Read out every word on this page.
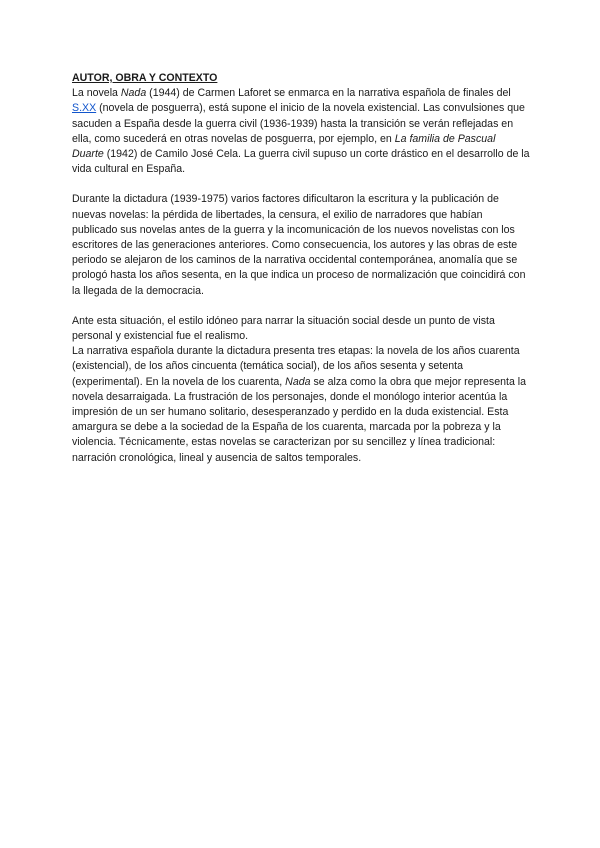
AUTOR, OBRA Y CONTEXTO

La novela Nada (1944) de Carmen Laforet se enmarca en la narrativa española de finales del S.XX (novela de posguerra), está supone el inicio de la novela existencial. Las convulsiones que sacuden a España desde la guerra civil (1936-1939) hasta la transición se verán reflejadas en ella, como sucederá en otras novelas de posguerra, por ejemplo, en La familia de Pascual Duarte (1942) de Camilo José Cela. La guerra civil supuso un corte drástico en el desarrollo de la vida cultural en España.

Durante la dictadura (1939-1975) varios factores dificultaron la escritura y la publicación de nuevas novelas: la pérdida de libertades, la censura, el exilio de narradores que habían publicado sus novelas antes de la guerra y la incomunicación de los nuevos novelistas con los escritores de las generaciones anteriores. Como consecuencia, los autores y las obras de este periodo se alejaron de los caminos de la narrativa occidental contemporánea, anomalía que se prologó hasta los años sesenta, en la que indica un proceso de normalización que coincidirá con la llegada de la democracia.

Ante esta situación, el estilo idóneo para narrar la situación social desde un punto de vista personal y existencial fue el realismo.

La narrativa española durante la dictadura presenta tres etapas: la novela de los años cuarenta (existencial), de los años cincuenta (temática social), de los años sesenta y setenta (experimental). En la novela de los cuarenta, Nada se alza como la obra que mejor representa la novela desarraigada. La frustración de los personajes, donde el monólogo interior acentúa la impresión de un ser humano solitario, desesperanzado y perdido en la duda existencial. Esta amargura se debe a la sociedad de la España de los cuarenta, marcada por la pobreza y la violencia. Técnicamente, estas novelas se caracterizan por su sencillez y línea tradicional: narración cronológica, lineal y ausencia de saltos temporales.
